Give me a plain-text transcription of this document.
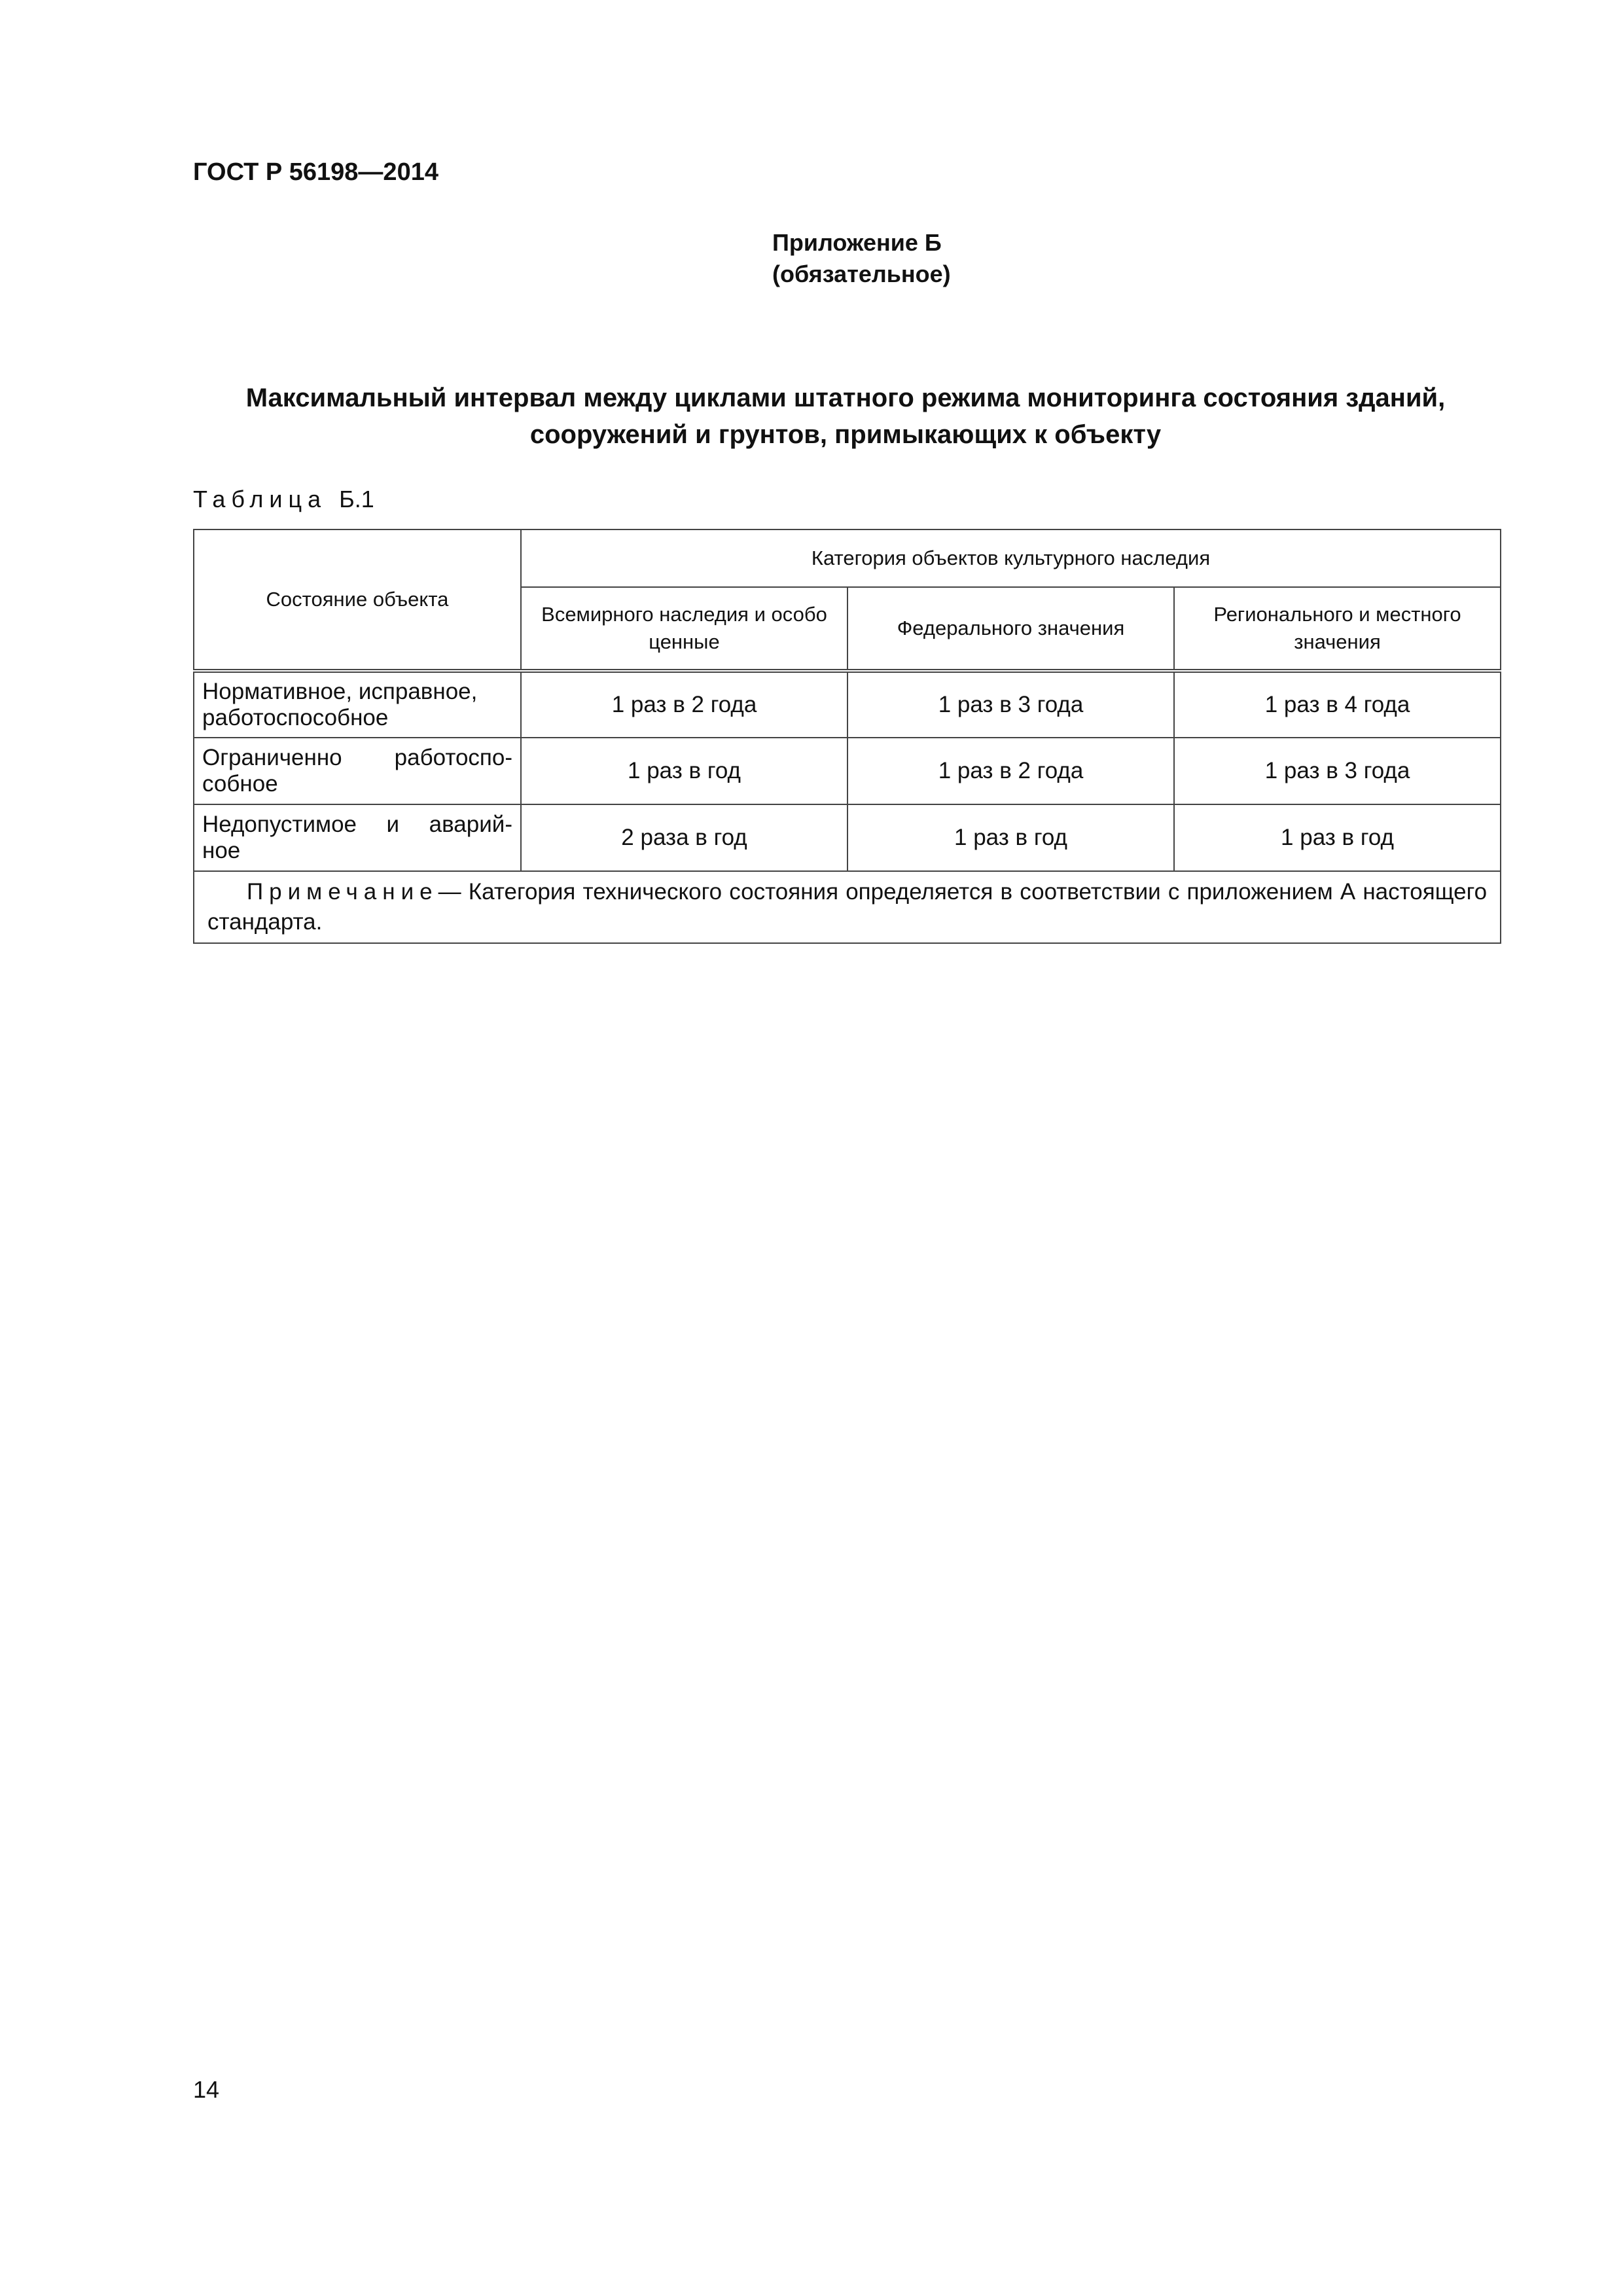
ГОСТ Р 56198—2014

Приложение Б
(обязательное)
Максимальный интервал между циклами штатного режима мониторинга состояния зданий,
сооружений и грунтов, примыкающих к объекту

Таблица Б.1

Состояние объекта	Категория объектов культурного наследия		
	Всемирного наследия и особо ценные	Федерального значения	Регионального и местного значения
Нормативное, исправное,
работоспособное	1 раз в 2 года	1 раз в 3 года	1 раз в 4 года
Ограниченно работоспо-
собное	1 раз в год	1 раз в 2 года	1 раз в 3 года
Недопустимое и аварий-
ное	2 раза в год	1 раз в год	1 раз в год
Примечание— Категория технического состояния определяется в соответствии с приложением А настоящего стандарта.			

14
